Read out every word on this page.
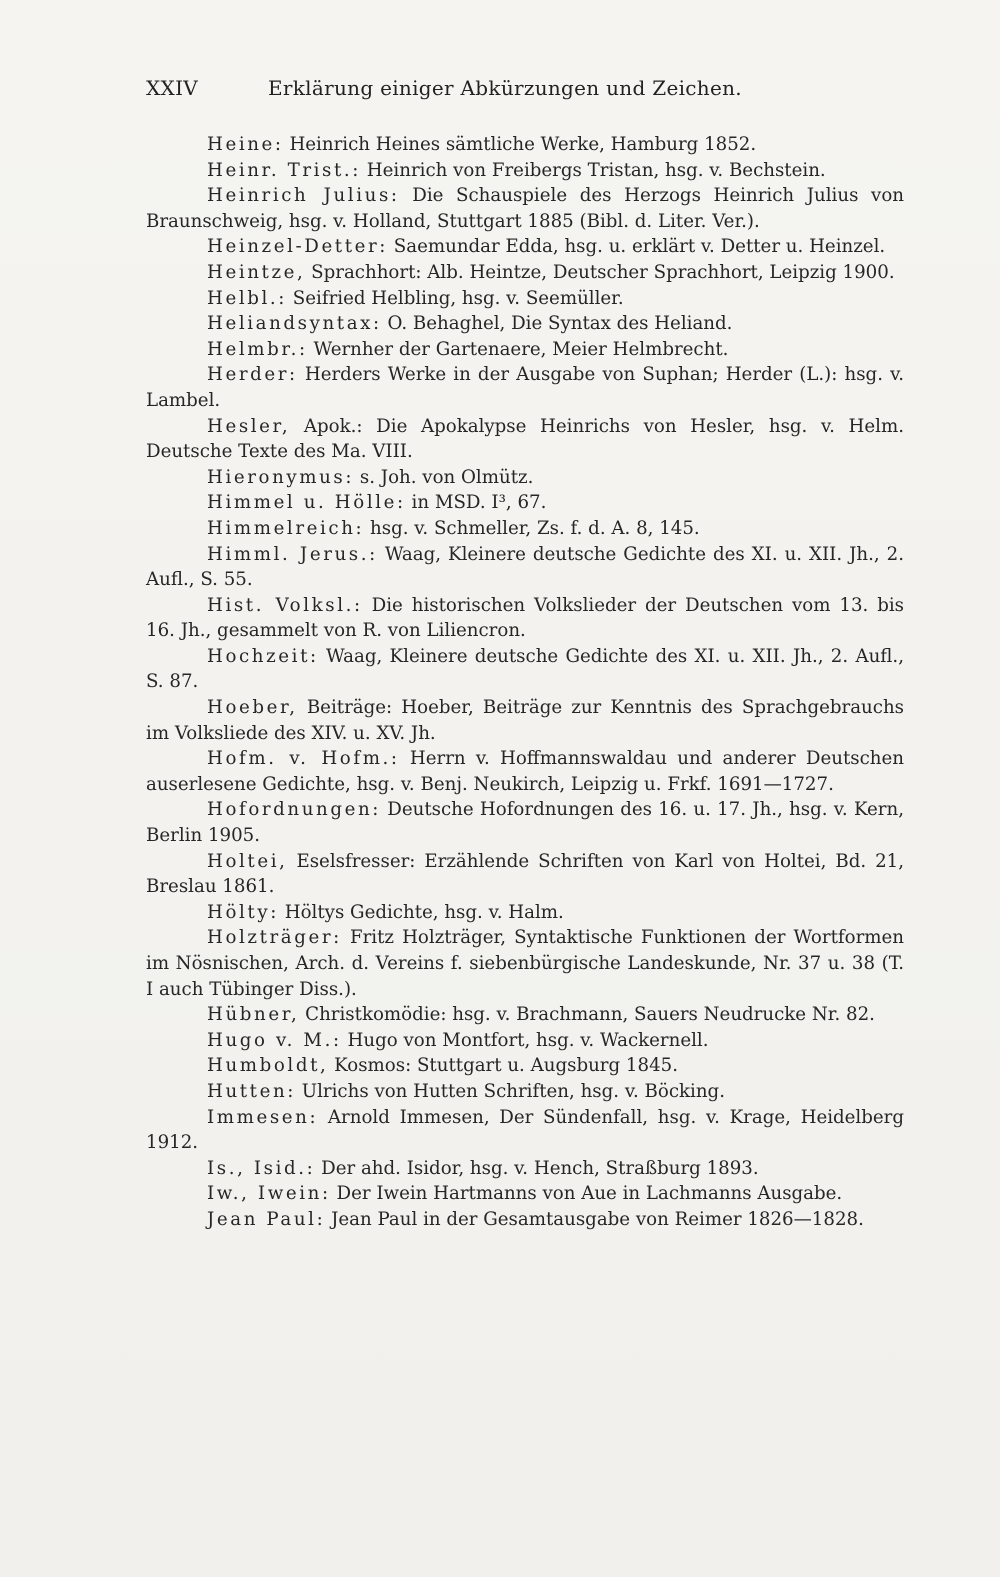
XXIV	Erklärung einiger Abkürzungen und Zeichen.

Heine: Heinrich Heines sämtliche Werke, Hamburg 1852.

Heinr. Trist.: Heinrich von Freibergs Tristan, hsg. v. Bechstein.

Heinrich Julius: Die Schauspiele des Herzogs Heinrich Julius von Braunschweig, hsg. v. Holland, Stuttgart 1885 (Bibl. d. Liter. Ver.).

Heinzel-Detter: Saemundar Edda, hsg. u. erklärt v. Detter u. Heinzel.

Heintze, Sprachhort: Alb. Heintze, Deutscher Sprachhort, Leipzig 1900.

Helbl.: Seifried Helbling, hsg. v. Seemüller.

Heliandsyntax: O. Behaghel, Die Syntax des Heliand.

Helmbr.: Wernher der Gartenaere, Meier Helmbrecht.

Herder: Herders Werke in der Ausgabe von Suphan; Herder (L.): hsg. v. Lambel.

Hesler, Apok.: Die Apokalypse Heinrichs von Hesler, hsg. v. Helm. Deutsche Texte des Ma. VIII.

Hieronymus: s. Joh. von Olmütz.

Himmel u. Hölle: in MSD. I³, 67.

Himmelreich: hsg. v. Schmeller, Zs. f. d. A. 8, 145.

Himml. Jerus.: Waag, Kleinere deutsche Gedichte des XI. u. XII. Jh., 2. Aufl., S. 55.

Hist. Volksl.: Die historischen Volkslieder der Deutschen vom 13. bis 16. Jh., gesammelt von R. von Liliencron.

Hochzeit: Waag, Kleinere deutsche Gedichte des XI. u. XII. Jh., 2. Aufl., S. 87.

Hoeber, Beiträge: Hoeber, Beiträge zur Kenntnis des Sprachgebrauchs im Volksliede des XIV. u. XV. Jh.

Hofm. v. Hofm.: Herrn v. Hoffmannswaldau und anderer Deutschen auserlesene Gedichte, hsg. v. Benj. Neukirch, Leipzig u. Frkf. 1691—1727.

Hofordnungen: Deutsche Hofordnungen des 16. u. 17. Jh., hsg. v. Kern, Berlin 1905.

Holtei, Eselsfresser: Erzählende Schriften von Karl von Holtei, Bd. 21, Breslau 1861.

Hölty: Höltys Gedichte, hsg. v. Halm.

Holzträger: Fritz Holzträger, Syntaktische Funktionen der Wortformen im Nösnischen, Arch. d. Vereins f. siebenbürgische Landeskunde, Nr. 37 u. 38 (T. I auch Tübinger Diss.).

Hübner, Christkomödie: hsg. v. Brachmann, Sauers Neudrucke Nr. 82.

Hugo v. M.: Hugo von Montfort, hsg. v. Wackernell.

Humboldt, Kosmos: Stuttgart u. Augsburg 1845.

Hutten: Ulrichs von Hutten Schriften, hsg. v. Böcking.

Immesen: Arnold Immesen, Der Sündenfall, hsg. v. Krage, Heidelberg 1912.

Is., Isid.: Der ahd. Isidor, hsg. v. Hench, Straßburg 1893.

Iw., Iwein: Der Iwein Hartmanns von Aue in Lachmanns Ausgabe.

Jean Paul: Jean Paul in der Gesamtausgabe von Reimer 1826—1828.
